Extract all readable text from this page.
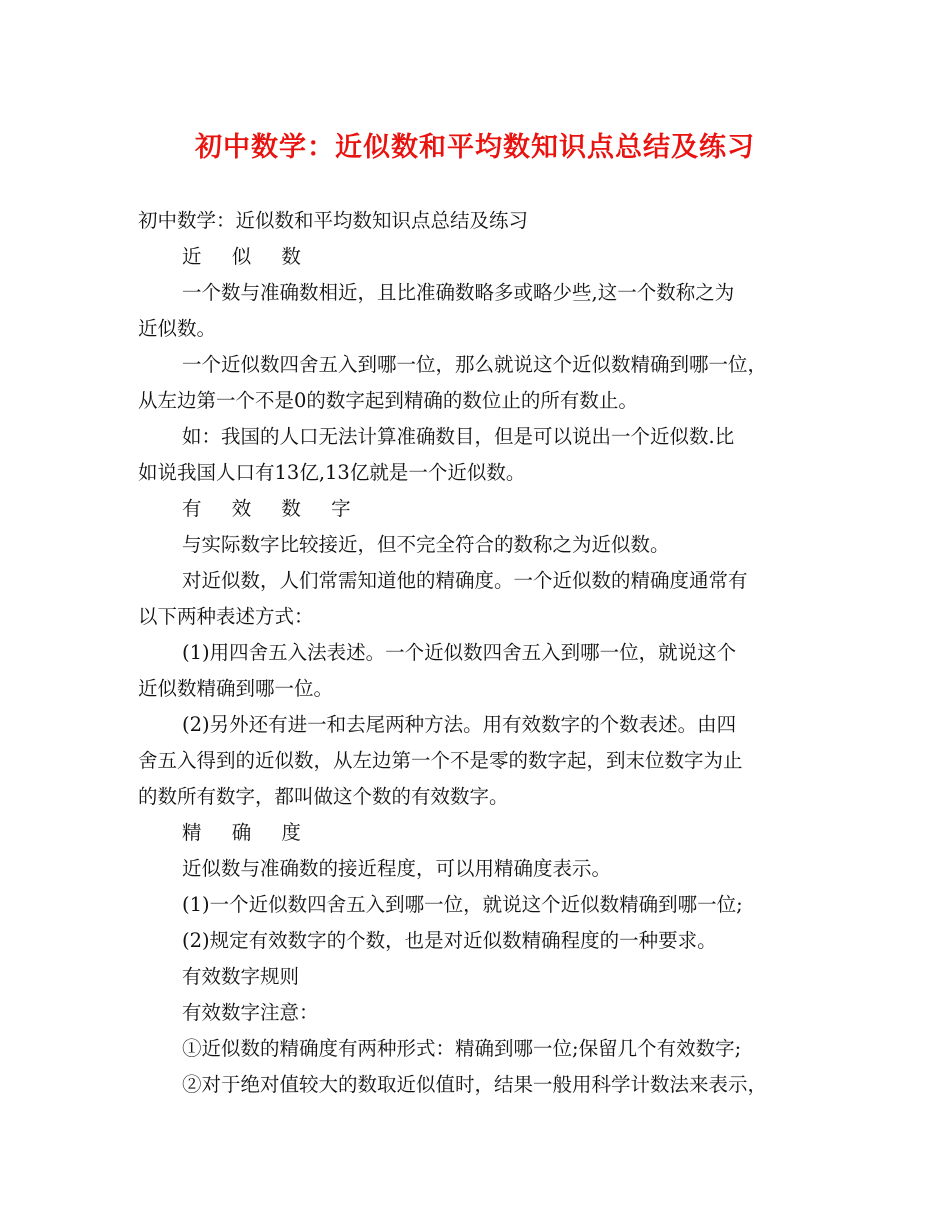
初中数学：近似数和平均数知识点总结及练习
初中数学：近似数和平均数知识点总结及练习
近 似 数
一个数与准确数相近，且比准确数略多或略少些,这一个数称之为
近似数。
一个近似数四舍五入到哪一位，那么就说这个近似数精确到哪一位，
从左边第一个不是0的数字起到精确的数位止的所有数止。
如：我国的人口无法计算准确数目，但是可以说出一个近似数.比
如说我国人口有13亿,13亿就是一个近似数。
有 效 数 字
与实际数字比较接近，但不完全符合的数称之为近似数。
对近似数，人们常需知道他的精确度。一个近似数的精确度通常有
以下两种表述方式：
(1)用四舍五入法表述。一个近似数四舍五入到哪一位，就说这个
近似数精确到哪一位。
(2)另外还有进一和去尾两种方法。用有效数字的个数表述。由四
舍五入得到的近似数，从左边第一个不是零的数字起，到末位数字为止
的数所有数字，都叫做这个数的有效数字。
精 确 度
近似数与准确数的接近程度，可以用精确度表示。
(1)一个近似数四舍五入到哪一位，就说这个近似数精确到哪一位;
(2)规定有效数字的个数，也是对近似数精确程度的一种要求。
有效数字规则
有效数字注意：
①近似数的精确度有两种形式：精确到哪一位;保留几个有效数字;
②对于绝对值较大的数取近似值时，结果一般用科学计数法来表示，
